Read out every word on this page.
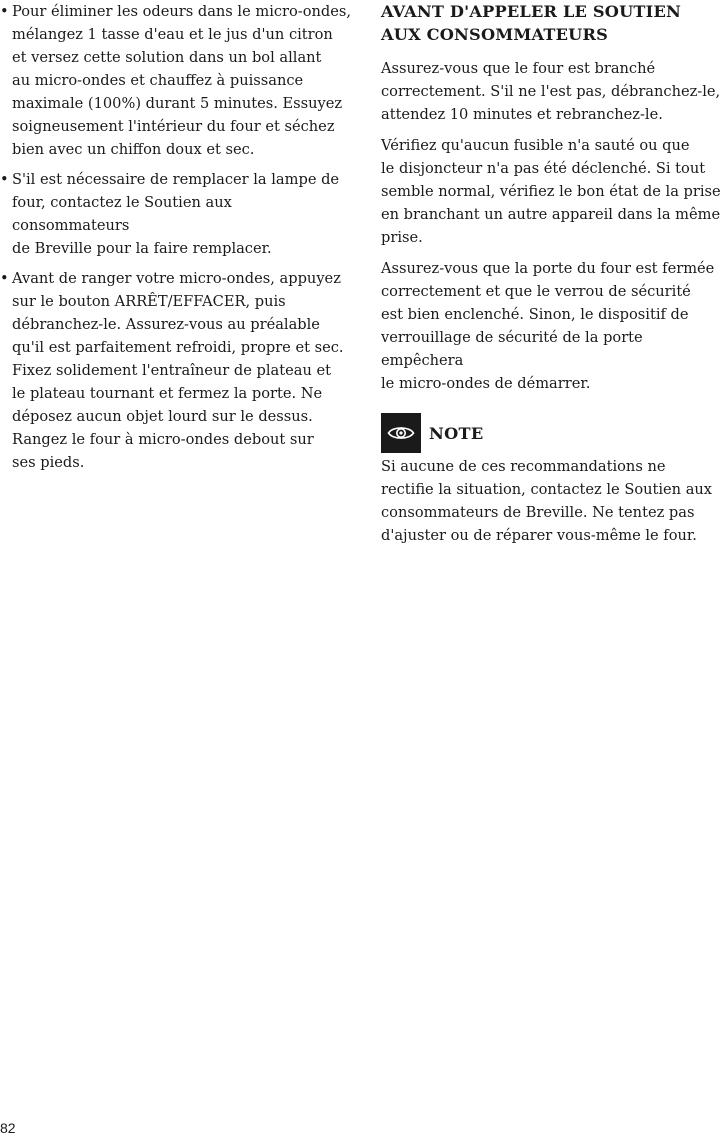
• Pour éliminer les odeurs dans le micro-ondes,
mélangez 1 tasse d'eau et le jus d'un citron
et versez cette solution dans un bol allant
au micro-ondes et chauffez à puissance
maximale (100%) durant 5 minutes. Essuyez
soigneusement l'intérieur du four et séchez
bien avec un chiffon doux et sec.
• S'il est nécessaire de remplacer la lampe de
four, contactez le Soutien aux consommateurs
de Breville pour la faire remplacer.
• Avant de ranger votre micro-ondes, appuyez
sur le bouton ARRÊT/EFFACER, puis
débranchez-le. Assurez-vous au préalable
qu'il est parfaitement refroidi, propre et sec.
Fixez solidement l'entraîneur de plateau et
le plateau tournant et fermez la porte. Ne
déposez aucun objet lourd sur le dessus.
Rangez le four à micro-ondes debout sur
ses pieds.
AVANT D'APPELER LE SOUTIEN
AUX CONSOMMATEURS

Assurez-vous que le four est branché
correctement. S'il ne l'est pas, débranchez-le,
attendez 10 minutes et rebranchez-le.

Vérifiez qu'aucun fusible n'a sauté ou que
le disjoncteur n'a pas été déclenché. Si tout
semble normal, vérifiez le bon état de la prise
en branchant un autre appareil dans la même
prise.

Assurez-vous que la porte du four est fermée
correctement et que le verrou de sécurité
est bien enclenché. Sinon, le dispositif de
verrouillage de sécurité de la porte empêchera
le micro-ondes de démarrer.

NOTE

Si aucune de ces recommandations ne
rectifie la situation, contactez le Soutien aux
consommateurs de Breville. Ne tentez pas
d'ajuster ou de réparer vous-même le four.

82
